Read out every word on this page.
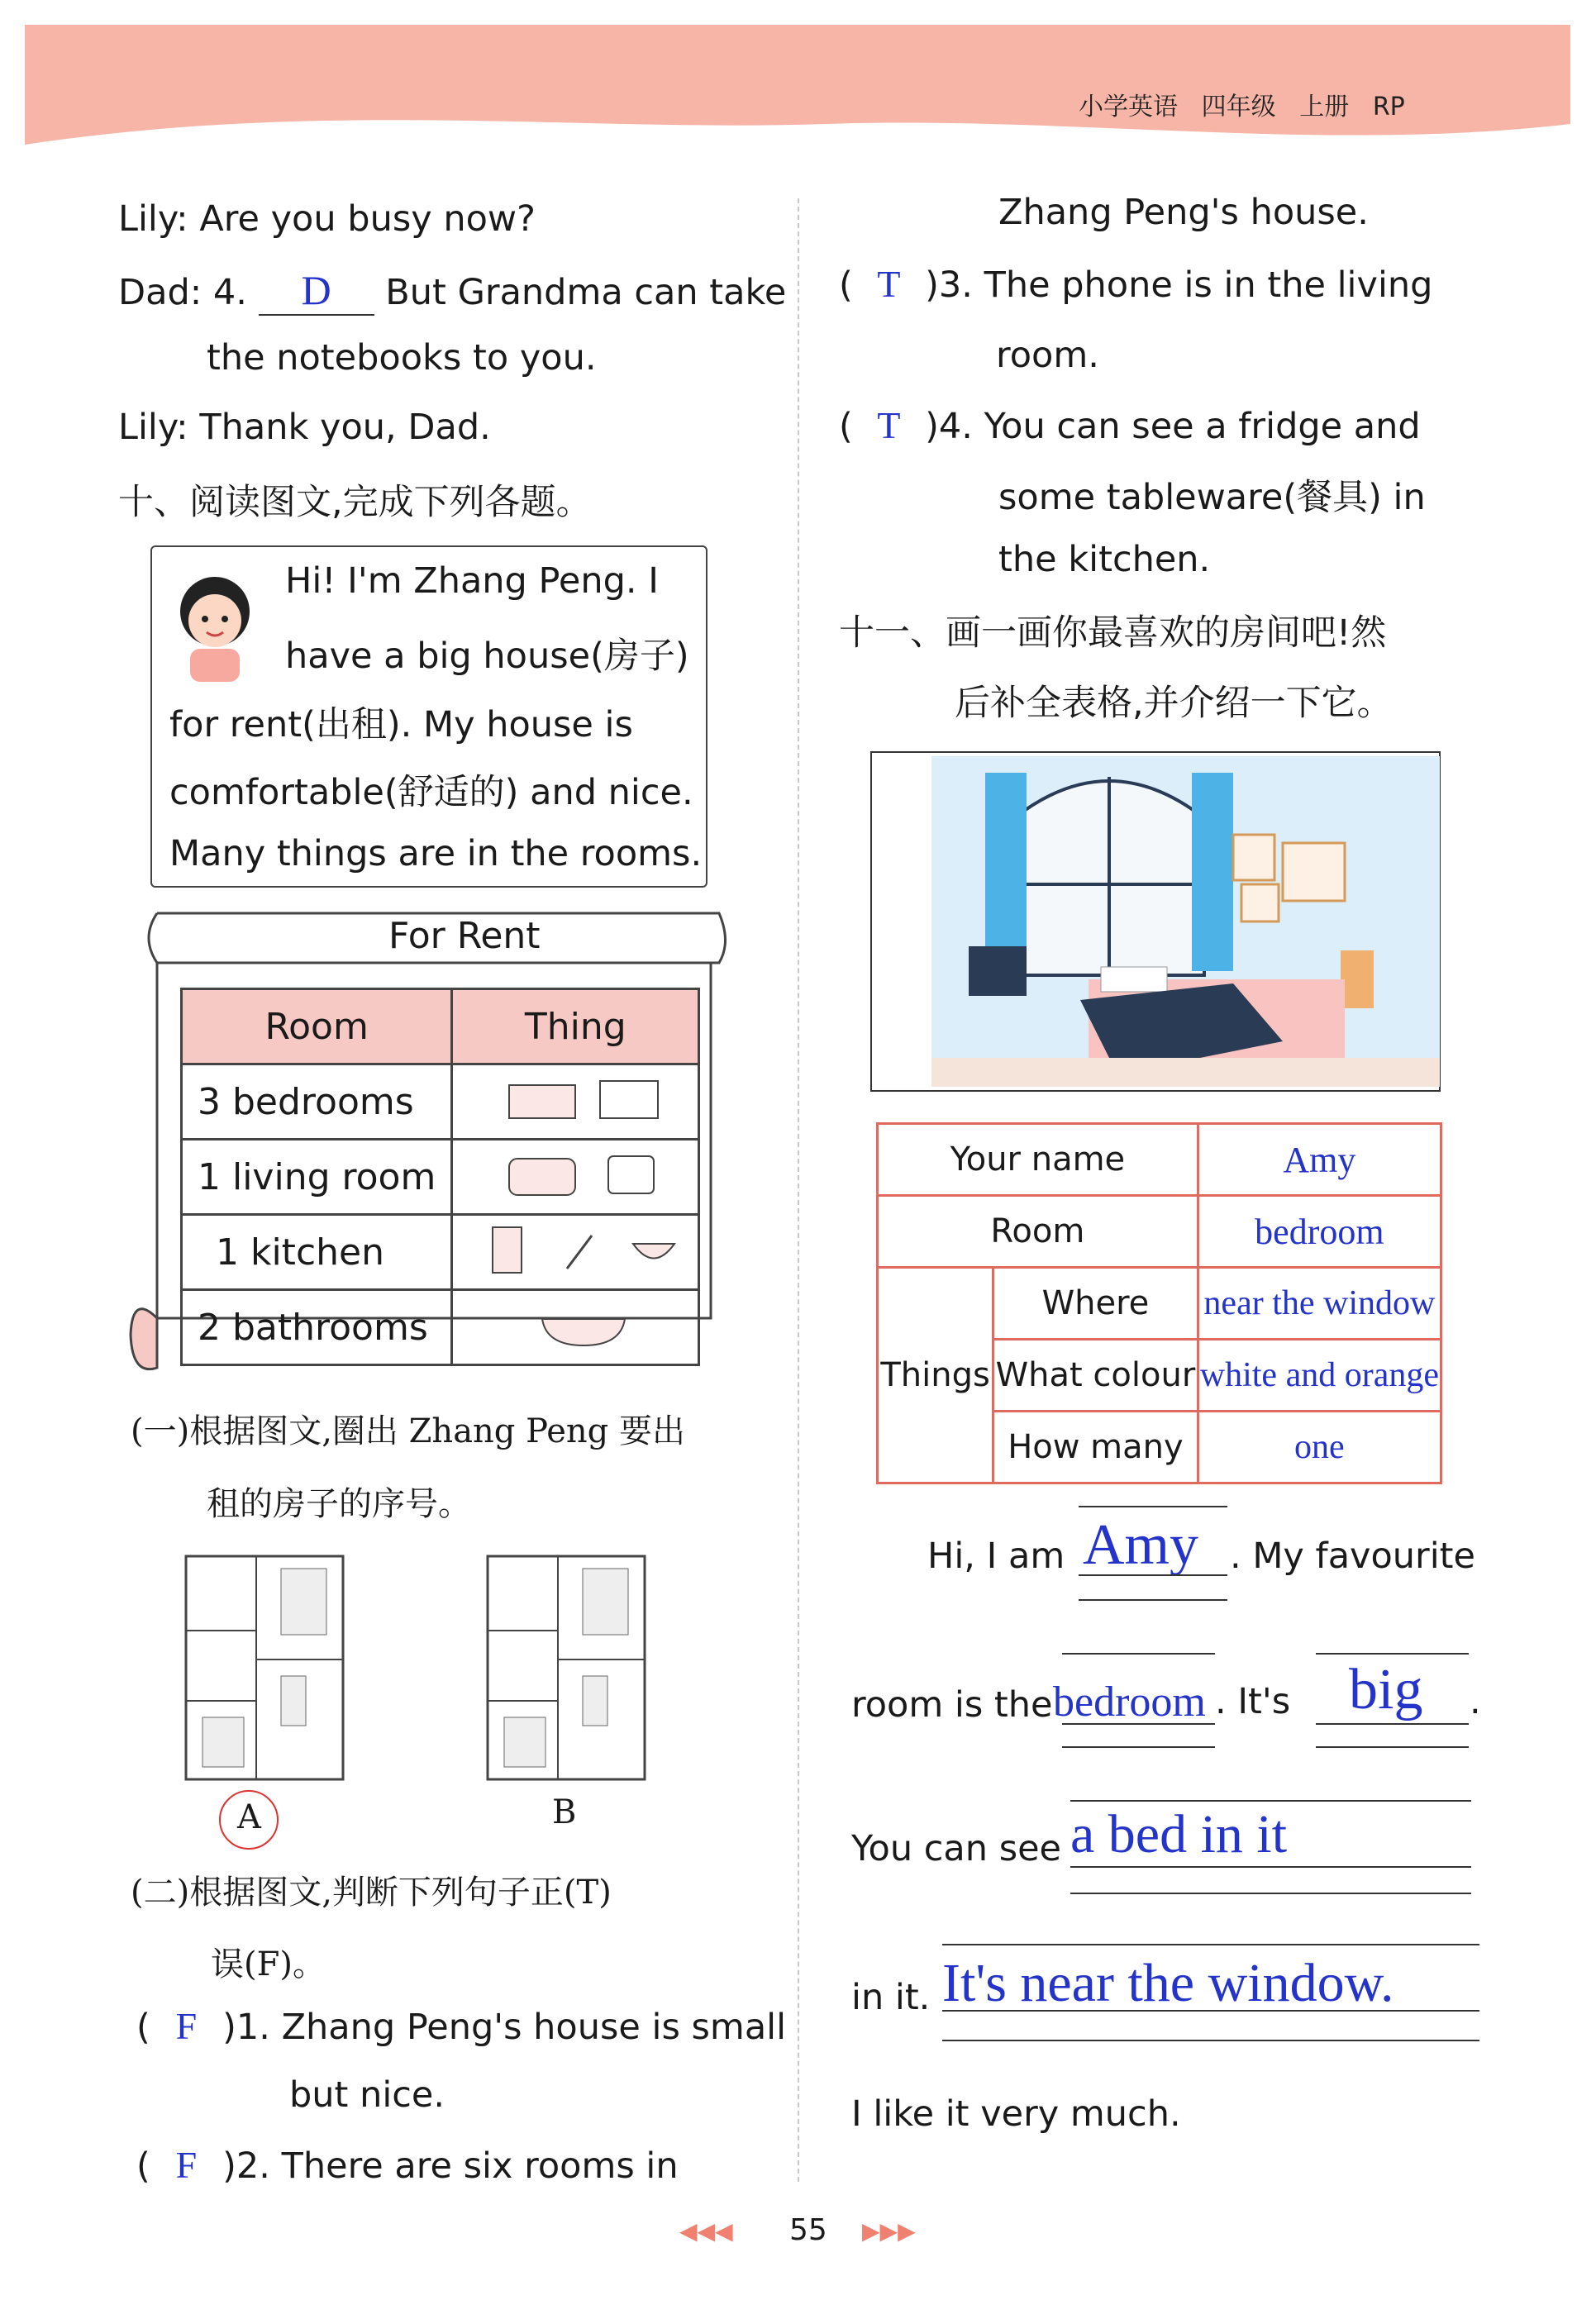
小学英语 四年级 上册 RP
Lily: Are you busy now?
Dad: 4. D But Grandma can take
the notebooks to you.
Lily: Thank you, Dad.
十、阅读图文,完成下列各题。
Hi! I'm Zhang Peng. I
have a big house(房子)
for rent(出租). My house is
comfortable(舒适的) and nice.
Many things are in the rooms.
For Rent
Room	Thing
3 bedrooms	
1 living room	
1 kitchen	
2 bathrooms	
(一)根据图文,圈出 Zhang Peng 要出
租的房子的序号。
A	B
(二)根据图文,判断下列句子正(T)
误(F)。
( F )1. Zhang Peng's house is small
but nice.
( F )2. There are six rooms in
Zhang Peng's house.
( T )3. The phone is in the living
room.
( T )4. You can see a fridge and
some tableware(餐具) in
the kitchen.
十一、画一画你最喜欢的房间吧!然
后补全表格,并介绍一下它。
Your name		Amy
Room		bedroom
Things	Where	near the window
	What colour	white and orange
	How many	one
Hi, I am Amy . My favourite
room is the bedroom . It's big .
You can see a bed in it
in it. It's near the window.
I like it very much.
◀◀◀ 55 ▶▶▶
